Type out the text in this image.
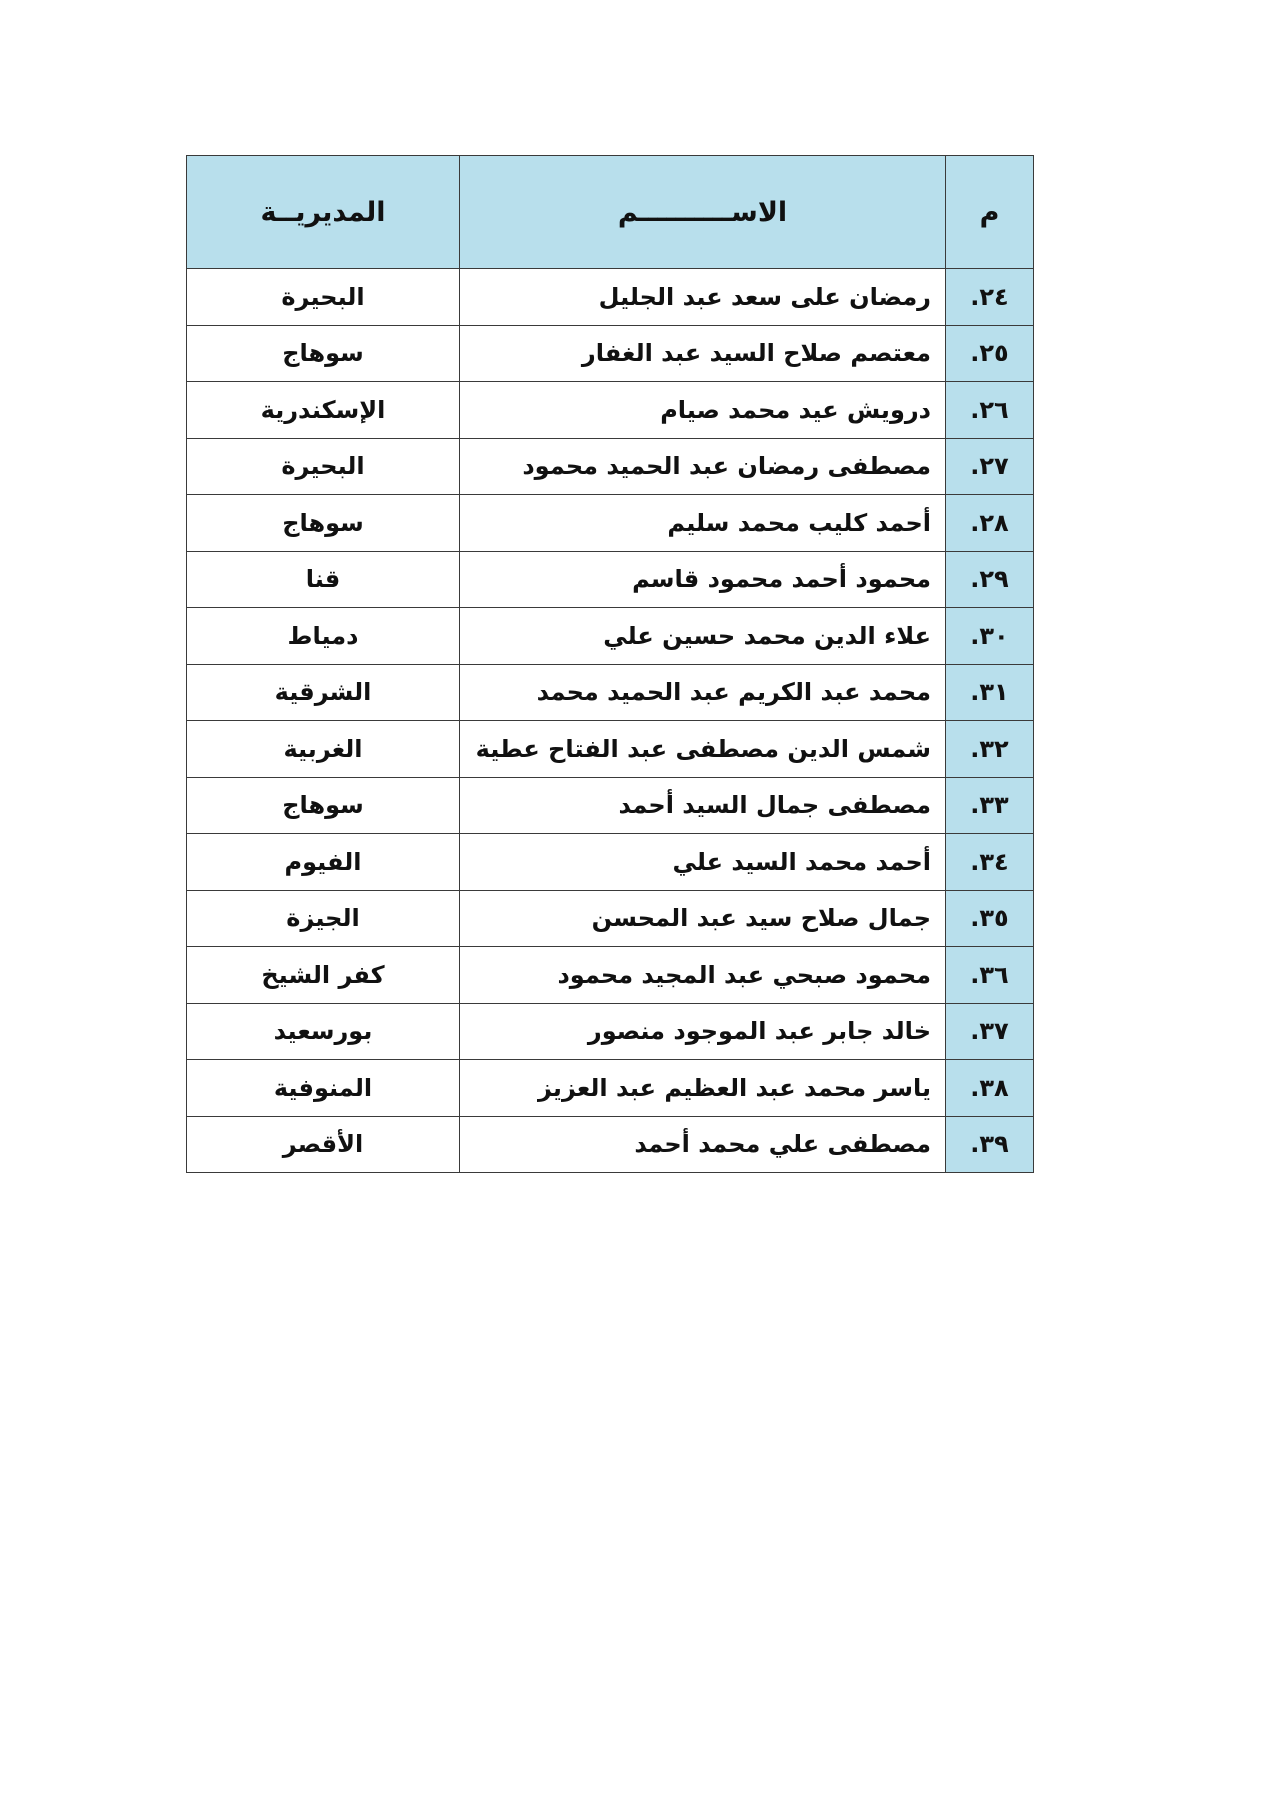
م	الاســــــــــم	المديريــة
٢٤.	رمضان على سعد عبد الجليل	البحيرة
٢٥.	معتصم صلاح السيد عبد الغفار	سوهاج
٢٦.	درويش عيد محمد صيام	الإسكندرية
٢٧.	مصطفى رمضان عبد الحميد محمود	البحيرة
٢٨.	أحمد كليب محمد سليم	سوهاج
٢٩.	محمود أحمد محمود قاسم	قنا
٣٠.	علاء الدين محمد حسين علي	دمياط
٣١.	محمد عبد الكريم عبد الحميد محمد	الشرقية
٣٢.	شمس الدين مصطفى عبد الفتاح عطية	الغربية
٣٣.	مصطفى جمال السيد أحمد	سوهاج
٣٤.	أحمد محمد السيد علي	الفيوم
٣٥.	جمال صلاح سيد عبد المحسن	الجيزة
٣٦.	محمود صبحي عبد المجيد محمود	كفر الشيخ
٣٧.	خالد جابر عبد الموجود منصور	بورسعيد
٣٨.	ياسر محمد عبد العظيم عبد العزيز	المنوفية
٣٩.	مصطفى علي محمد أحمد	الأقصر
